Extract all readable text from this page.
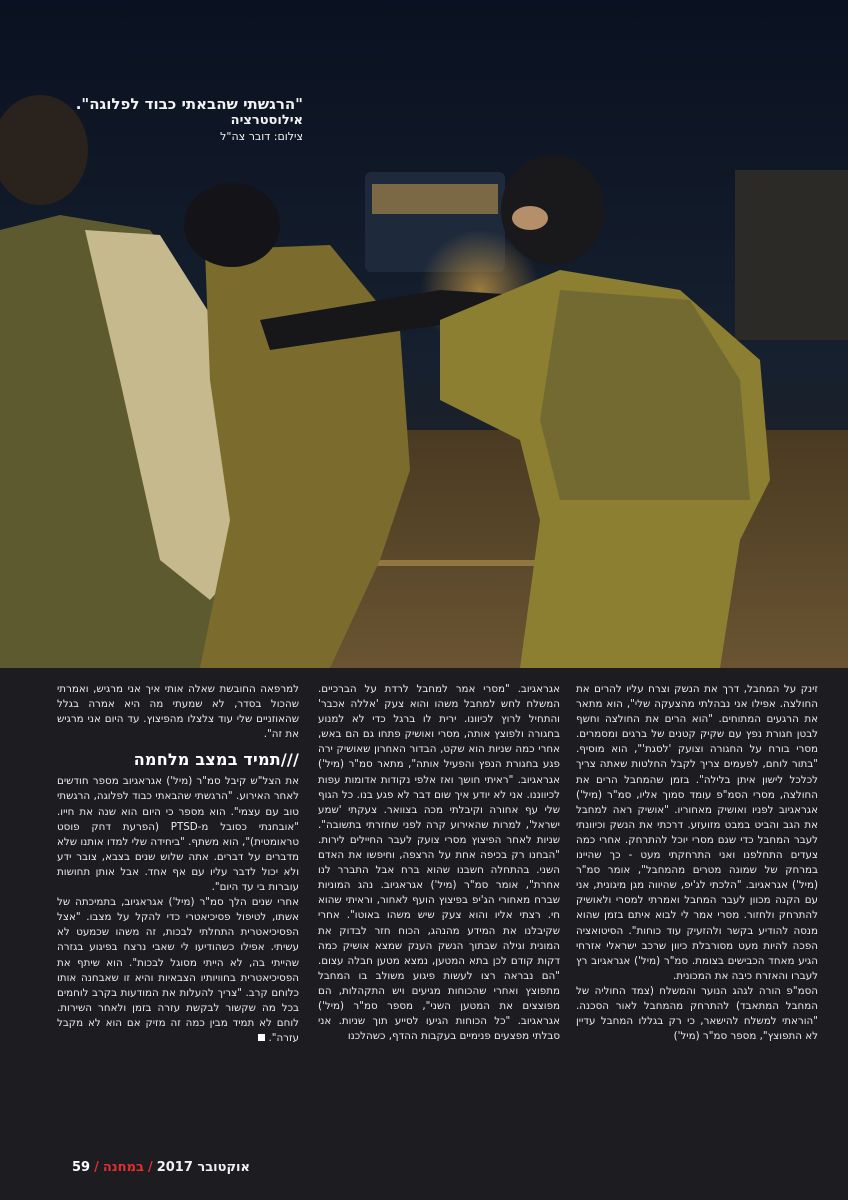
"הרגשתי שהבאתי כבוד לפלוגה".
אילוסטרציה
צילום: דובר צה"ל

זינק על המחבל, דרך את הנשק וצרח עליו להרים את החולצה. אפילו אני נבהלתי מהצעקה שלי", הוא מתאר את הרגעים המתוחים. "הוא הרים את החולצה וחשף לבטן חגורת נפץ עם שקיק קטנים של ברגים ומסמרים. מסרי בורח על החגורה וצועק 'לסגת'", הוא מוסיף. "בתור לוחם, לפעמים צריך לקבל החלטות שאתה צריך לכלכל לישון איתן בלילה". בזמן שהמחבל הרים את החולצה, מסרי הסמ"פ עומד סמוך אליו, סמ"ר (מיל') אגראגיוב לפניו ואושיק מאחוריו. "אושיק ראה למחבל את הגב והביט במבט מזועזע. דרכתי את הנשק וכיוונתי לעבר המחבל כדי שגם מסרי יוכל להתרחק. אחרי כמה צעדים התחלפנו ואני התרחקתי מעט - כך שהיינו במרחק של שמונה מטרים מהמחבל", אומר סמ"ר (מיל') אגראגיוב. "הלכתי לג'יפ, שהיווה מגן מיגונית, אני עם הקנה מכוון לעבר המחבל ואמרתי למסרי ולאושיק להתרחק ולחזור. מסרי אמר לי לבוא איתם בזמן שהוא מנסה להודיע בקשר ולהזעיק עוד כוחות". הסיטואציה הפכה להיות מעט מסורבלת כיוון שרכב ישראלי אזרחי הגיע מאחד הכבישים בצומת. סמ"ר (מיל') אגראגיוב רץ לעברו והאזרח כיבה את המכונית.

הסמ"פ הורה לגהג הנוער והמשלח (צמד החוליה של המחבל המתאבד) להתרחק מהמחבל לאור הסכנה. "הוראתי למשלח להישאר, כי רק בגללו המחבל עדיין לא התפוצץ", מספר סמ"ר (מיל')

אגראגיוב. "מסרי אמר למחבל לרדת על הברכיים. המשלח לחש למחבל משהו והוא צעק 'אללה אכבר' והתחיל לרוץ לכיוונו. ירית לו ברגל כדי לא למנוע בחגורה ולפוצץ אותה, מסרי ואושיק פתחו גם הם באש, אחרי כמה שניות הוא שקט, הבדור האחרון שאושיק ירה פגע בחגורת הנפץ והפעיל אותה", מתאר סמ"ר (מיל') אגראגיוב. "ראיתי חושך ואז אלפי נקודות אדומות עפות לכיווננו. אני לא יודע איך שום דבר לא פגע בנו. כל הגוף שלי עף אחורה וקיבלתי מכה בצוואר. צעקתי 'שמע ישראל', למרות שהאירוע קרה לפני שחזרתי בתשובה". שניות לאחר הפיצוץ מסרי צועק לעבר החיילים לירות. "הבחנו רק בכיפה אחת על הרצפה, וחיפשו את האדם השני. בהתחלה חשבנו שהוא ברח אבל התברר לנו אחרת", אומר סמ"ר (מיל') אגראגיוב. נהג המוניות שברח מאחורי הג'יפ בפיצוץ הועף לאחור, וראיתי שהוא חי. רצתי אליו והוא צעק שיש משהו באוטו". אחרי שקיבלנו את המידע מהנהג, הכוח חזר לבדוק את המונית וגילה שבתוך הנשק הענק שמצא אושיק כמה דקות קודם לכן בתא המטען, נמצא מטען חבלה עצום. "הם נבראה רצו לעשות פיגוע משולב בו המחבל מתפוצץ ואחרי שהכוחות מגיעים ויש התקהלות, הם מפוצצים את המטען השני", מספר סמ"ר (מיל') אגראגיוב. "כל הכוחות הגיעו לסייע תוך שניות. אני סבלתי מפצעים פנימיים בעקבות ההדף, כשהלכנו

למרפאה החובשת שאלה אותי איך אני מרגיש, ואמרתי שהכול בסדר, לא שמעתי מה היא אמרה בגלל שהאוזניים שלי עוד צלצלו מהפיצוץ. עד היום אני מרגיש את זה".

///תמיד במצב מלחמה

את הצל"ש קיבל סמ"ר (מיל') אגראגיוב מספר חודשים לאחר האירוע. "הרגשתי שהבאתי כבוד לפלוגה, הרגשתי טוב עם עצמי". הוא מספר כי היום הוא שנה את חייו. "אובחנתי כסובל מ-PTSD (הפרעת דחק פוסט טראומטית)", הוא משתף. "ביחידה שלי למדו אותנו שלא מדברים על דברים. אתה שלוש שנים בצבא, צובר ידע ולא יכול לדבר עליו עם אף אחד. אבל אותן תחושות עוברות בי עד היום".

אחרי שנים הלך סמ"ר (מיל') אגראגיוב, בתמיכתה של אשתו, לטיפול פסיכיאטרי כדי להקל על מצבו. "אצל הפסיכיאטרית התחלתי לבכות, זה משהו שכמעט לא עשיתי. אפילו כשהודיעו לי שאבי נרצח בפיגוע בגזרה שהייתי בה, לא הייתי מסוגל לבכות". הוא שיתף את הפסיכיאטרית בחוויותיו הצבאיות והיא זו שאבחנה אותו כלוחם קרב. "צריך להעלות את המודעות בקרב לוחמים בכל מה שקשור לבקשת עזרה בזמן ולאחר השירות. לוחם לא תמיד מבין כמה זה מזיק אם הוא לא מקבל עזרה".

59 / במחנה / אוקטובר 2017
